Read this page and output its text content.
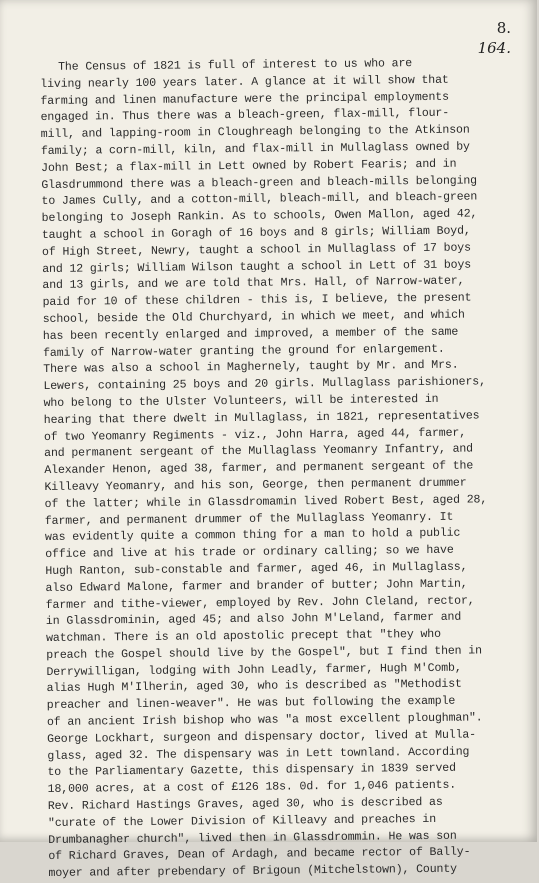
8.
164.
The Census of 1821 is full of interest to us who are
living nearly 100 years later. A glance at it will show that
farming and linen manufacture were the principal employments
engaged in. Thus there was a bleach-green, flax-mill, flour-
mill, and lapping-room in Cloughreagh belonging to the Atkinson
family; a corn-mill, kiln, and flax-mill in Mullaglass owned by
John Best; a flax-mill in Lett owned by Robert Fearis; and in
Glasdrummond there was a bleach-green and bleach-mills belonging
to James Cully, and a cotton-mill, bleach-mill, and bleach-green
belonging to Joseph Rankin. As to schools, Owen Mallon, aged 42,
taught a school in Goragh of 16 boys and 8 girls; William Boyd,
of High Street, Newry, taught a school in Mullaglass of 17 boys
and 12 girls; William Wilson taught a school in Lett of 31 boys
and 13 girls, and we are told that Mrs. Hall, of Narrow-water,
paid for 10 of these children - this is, I believe, the present
school, beside the Old Churchyard, in which we meet, and which
has been recently enlarged and improved, a member of the same
family of Narrow-water granting the ground for enlargement.
There was also a school in Maghernely, taught by Mr. and Mrs.
Lewers, containing 25 boys and 20 girls. Mullaglass parishioners,
who belong to the Ulster Volunteers, will be interested in
hearing that there dwelt in Mullaglass, in 1821, representatives
of two Yeomanry Regiments - viz., John Harra, aged 44, farmer,
and permanent sergeant of the Mullaglass Yeomanry Infantry, and
Alexander Henon, aged 38, farmer, and permanent sergeant of the
Killeavy Yeomanry, and his son, George, then permanent drummer
of the latter; while in Glassdromamin lived Robert Best, aged 28,
farmer, and permanent drummer of the Mullaglass Yeomanry. It
was evidently quite a common thing for a man to hold a public
office and live at his trade or ordinary calling; so we have
Hugh Ranton, sub-constable and farmer, aged 46, in Mullaglass,
also Edward Malone, farmer and brander of butter; John Martin,
farmer and tithe-viewer, employed by Rev. John Cleland, rector,
in Glassdrominin, aged 45; and also John M'Leland, farmer and
watchman. There is an old apostolic precept that "they who
preach the Gospel should live by the Gospel", but I find then in
Derrywilligan, lodging with John Leadly, farmer, Hugh M'Comb,
alias Hugh M'Ilherin, aged 30, who is described as "Methodist
preacher and linen-weaver". He was but following the example
of an ancient Irish bishop who was "a most excellent ploughman".
George Lockhart, surgeon and dispensary doctor, lived at Mulla-
glass, aged 32. The dispensary was in Lett townland. According
to the Parliamentary Gazette, this dispensary in 1839 served
18,000 acres, at a cost of £126 18s. 0d. for 1,046 patients.
Rev. Richard Hastings Graves, aged 30, who is described as
"curate of the Lower Division of Killeavy and preaches in
Drumbanagher church", lived then in Glassdrommin. He was son
of Richard Graves, Dean of Ardagh, and became rector of Bally-
moyer and after prebendary of Brigoun (Mitchelstown), County
